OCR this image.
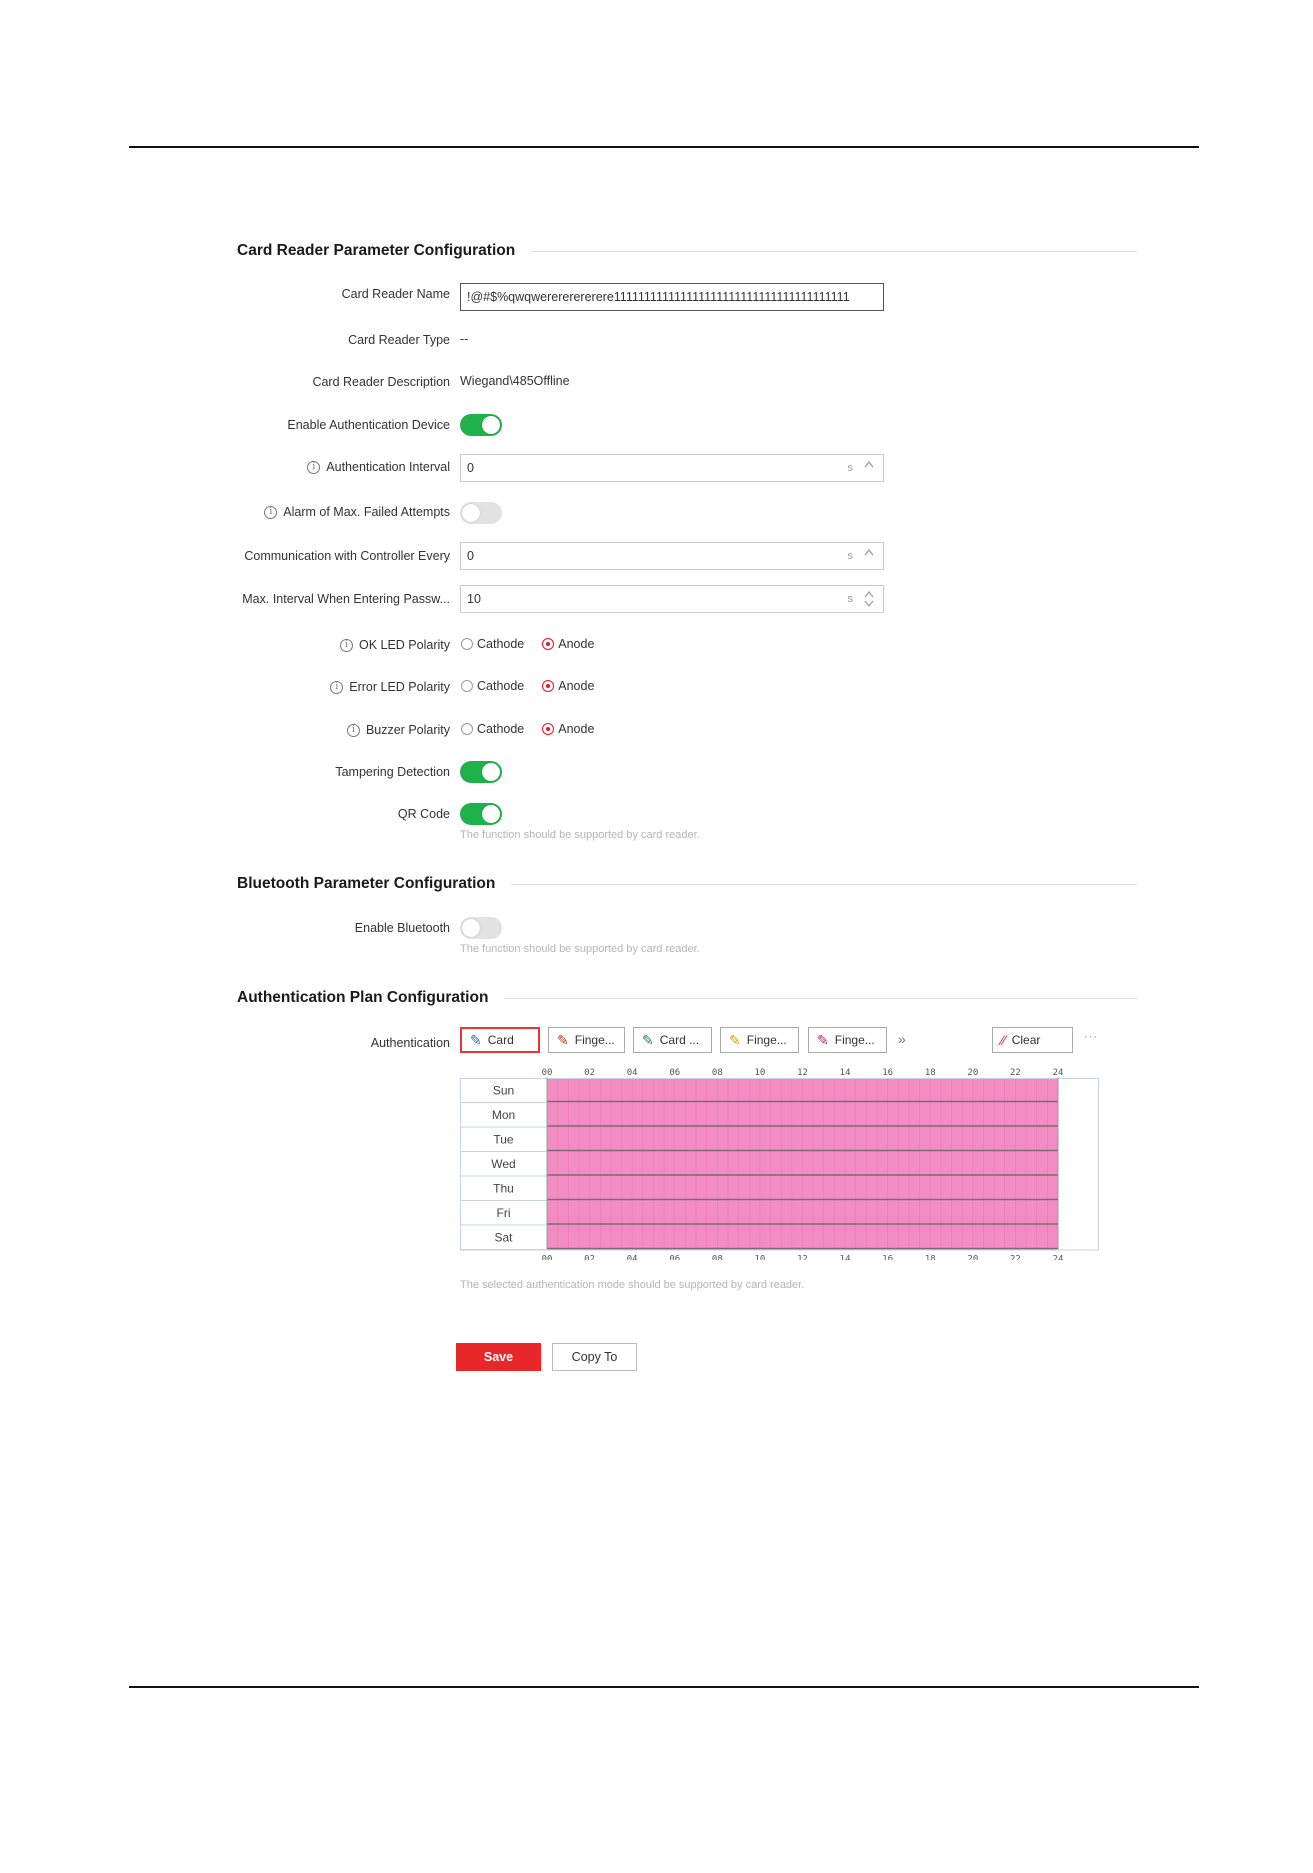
Card Reader Parameter Configuration
Card Reader Name !@#$%qwqwerererererere111111111111111111111111111111111111111
Card Reader Type --
Card Reader Description Wiegand\485Offline
Enable Authentication Device
i Authentication Interval 0	s
i Alarm of Max. Failed Attempts
Communication with Controller Every 0	s
Max. Interval When Entering Passw... 10	s
i OK LED Polarity Cathode	Anode
i Error LED Polarity Cathode	Anode
i Buzzer Polarity Cathode	Anode
Tampering Detection
QR Code
The function should be supported by card reader.
Bluetooth Parameter Configuration
Enable Bluetooth
The function should be supported by card reader.
Authentication Plan Configuration
Authentication ✎ Card	✎ Finge... ✎ Card ... ✎ Finge... ✎ Finge... »	⁄⁄ Clear	···
Sun
Mon
Tue
Wed
Thu
Fri
Sat
00
00
02
02
04
04
06
06
08
08
10
10
12
12
14
14
16
16
18
18
20
20
22
22
24
24
The selected authentication mode should be supported by card reader.
Save	Copy To
